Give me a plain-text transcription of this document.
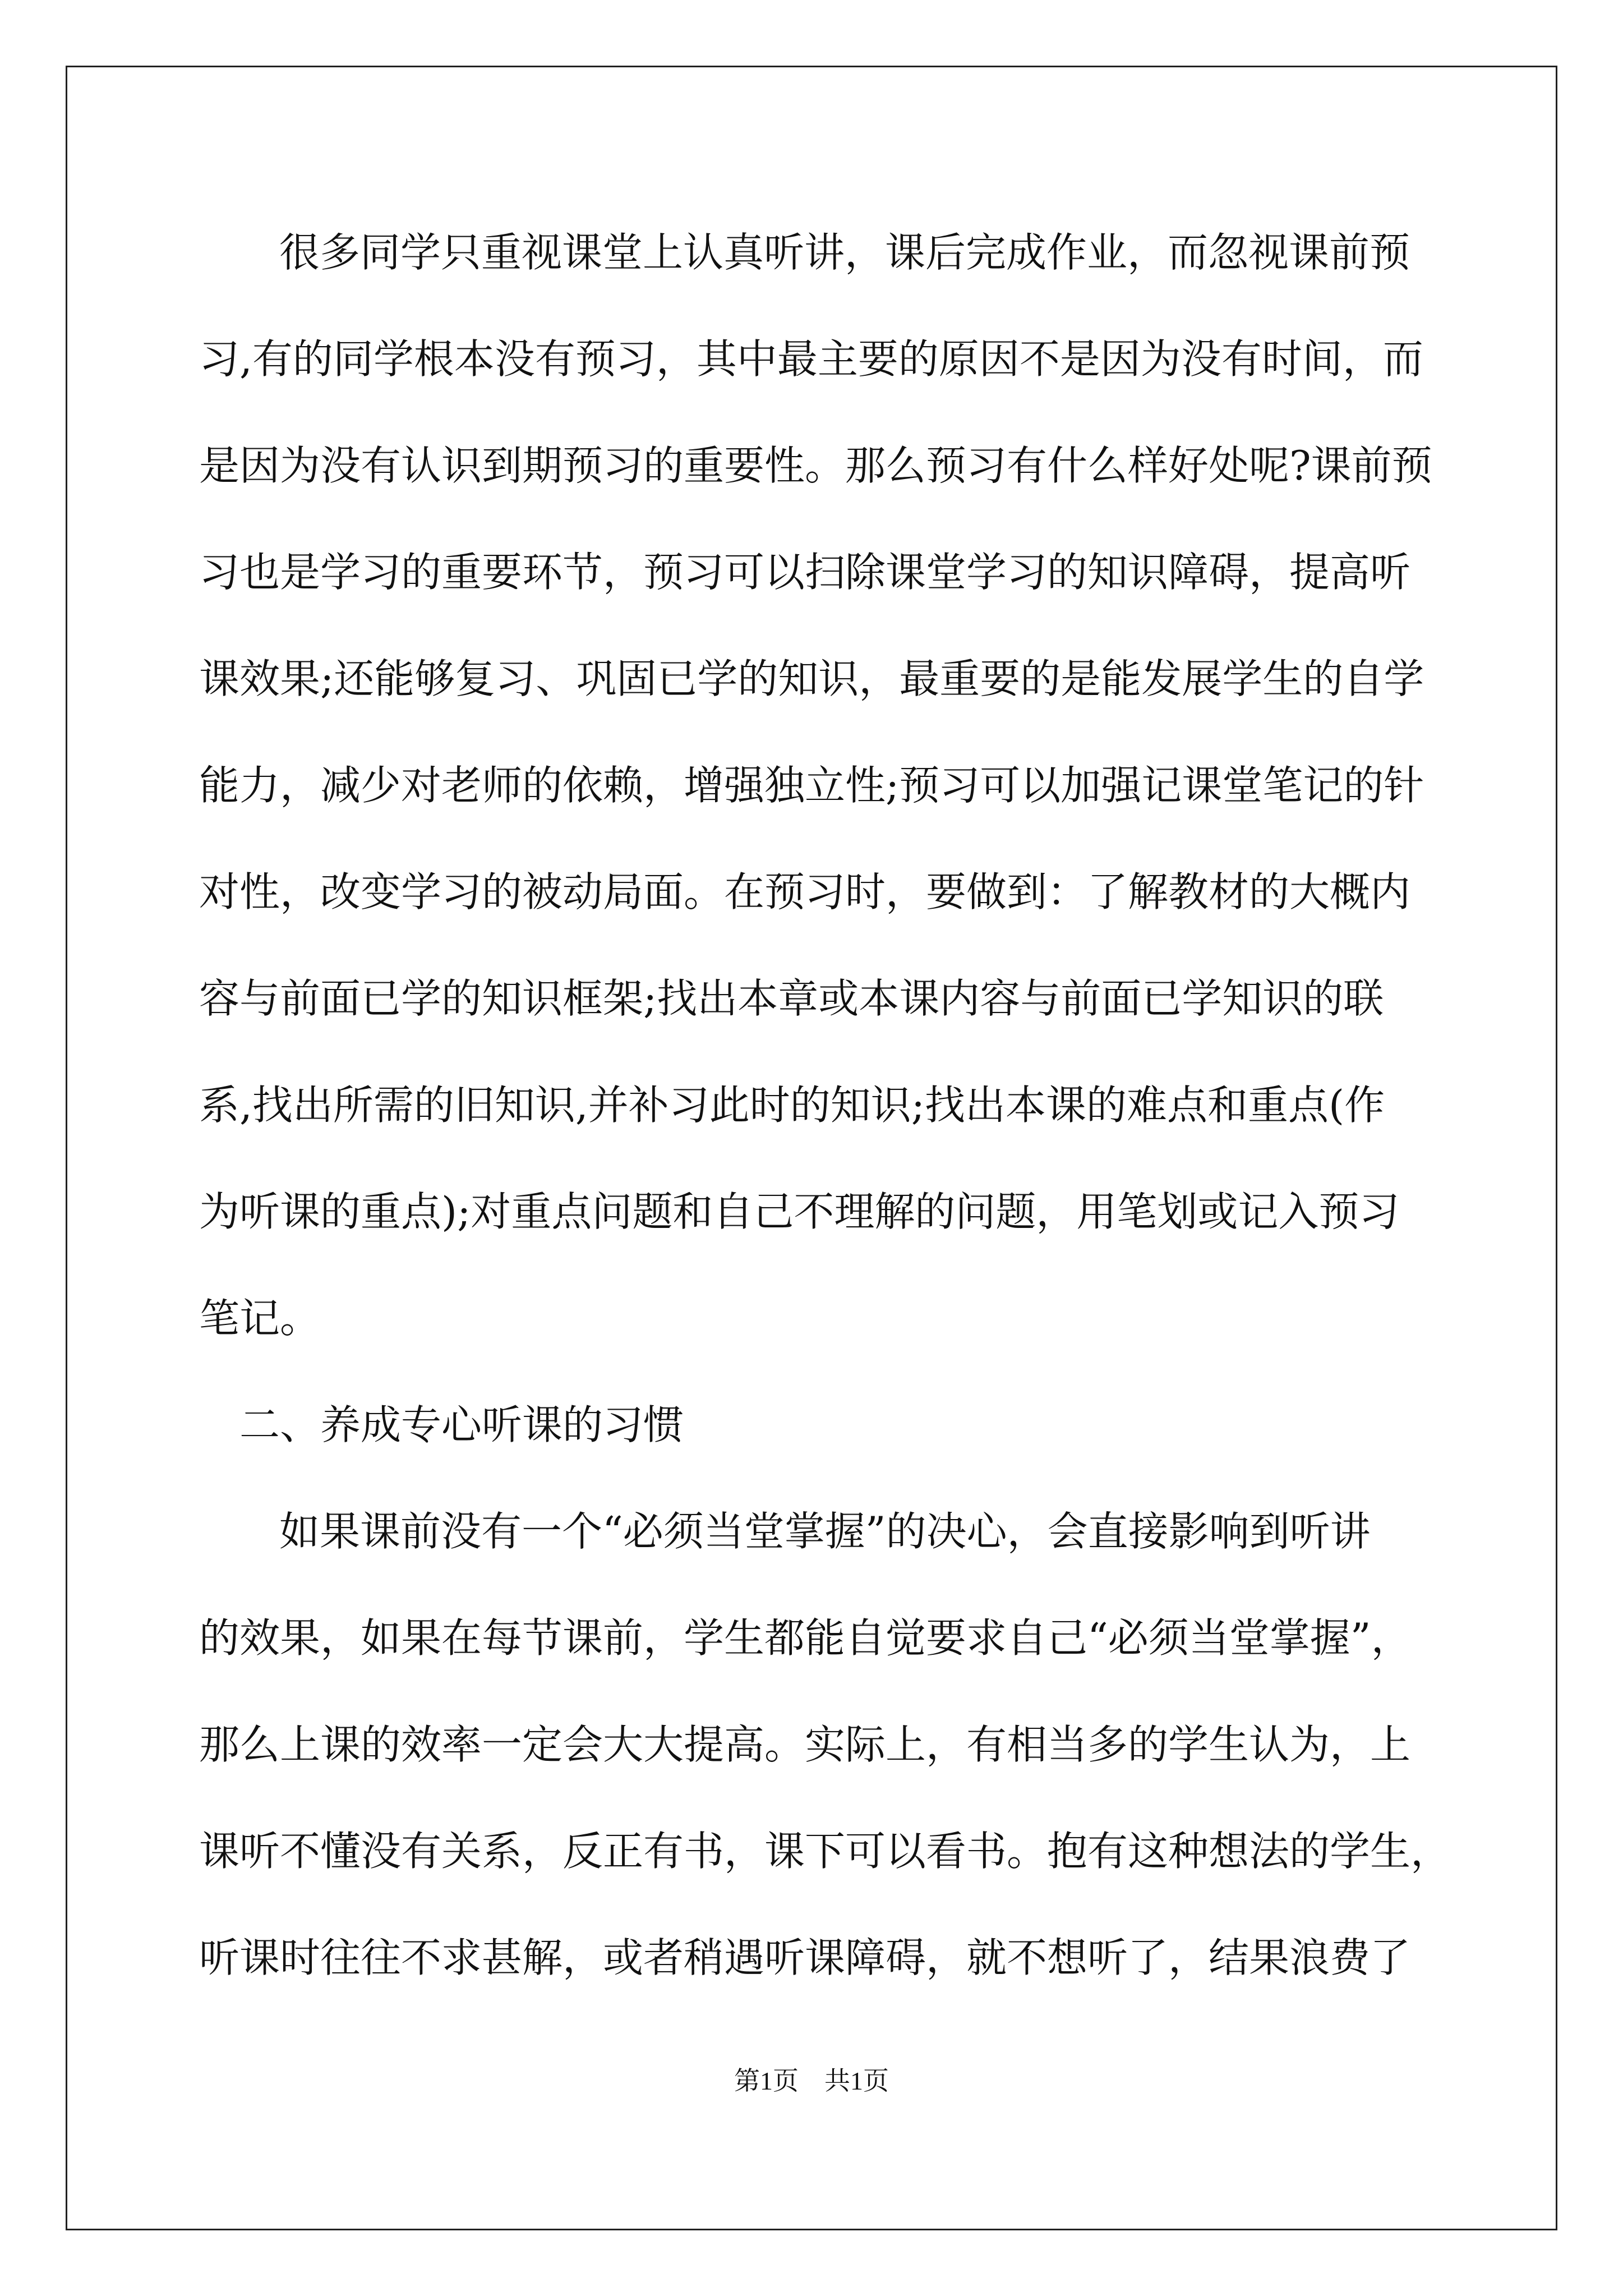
很多同学只重视课堂上认真听讲，课后完成作业，而忽视课前预
习,有的同学根本没有预习，其中最主要的原因不是因为没有时间，而
是因为没有认识到期预习的重要性。那么预习有什么样好处呢?课前预
习也是学习的重要环节，预习可以扫除课堂学习的知识障碍，提高听
课效果;还能够复习、巩固已学的知识，最重要的是能发展学生的自学
能力，减少对老师的依赖，增强独立性;预习可以加强记课堂笔记的针
对性，改变学习的被动局面。在预习时，要做到：了解教材的大概内
容与前面已学的知识框架;找出本章或本课内容与前面已学知识的联
系,找出所需的旧知识,并补习此时的知识;找出本课的难点和重点(作
为听课的重点);对重点问题和自己不理解的问题，用笔划或记入预习
笔记。
二、养成专心听课的习惯
如果课前没有一个“必须当堂掌握”的决心，会直接影响到听讲
的效果，如果在每节课前，学生都能自觉要求自己“必须当堂掌握”，
那么上课的效率一定会大大提高。实际上，有相当多的学生认为，上
课听不懂没有关系，反正有书，课下可以看书。抱有这种想法的学生，
听课时往往不求甚解，或者稍遇听课障碍，就不想听了，结果浪费了
第1页　共1页
